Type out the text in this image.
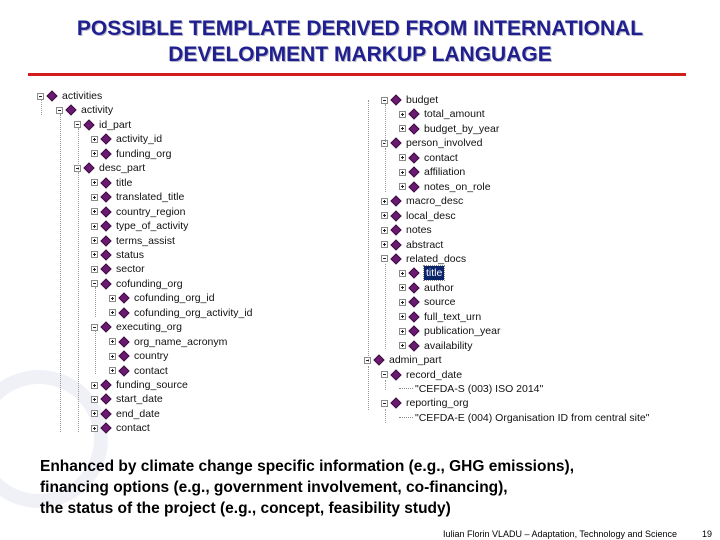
POSSIBLE TEMPLATE DERIVED FROM INTERNATIONAL
DEVELOPMENT MARKUP LANGUAGE
activities
activity
id_part
activity_id
funding_org
desc_part
title
translated_title
country_region
type_of_activity
terms_assist
status
sector
cofunding_org
cofunding_org_id
cofunding_org_activity_id
executing_org
org_name_acronym
country
contact
funding_source
start_date
end_date
contact
budget
total_amount
budget_by_year
person_involved
contact
affiliation
notes_on_role
macro_desc
local_desc
notes
abstract
related_docs
title
author
source
full_text_urn
publication_year
availability
admin_part
record_date
"CEFDA-S (003) ISO 2014"
reporting_org
"CEFDA-E (004) Organisation ID from central site"

Enhanced by climate change specific information (e.g., GHG emissions),
financing options (e.g., government involvement, co-financing),
the status of the project (e.g., concept, feasibility study)

Iulian Florin VLADU – Adaptation, Technology and Science	19
